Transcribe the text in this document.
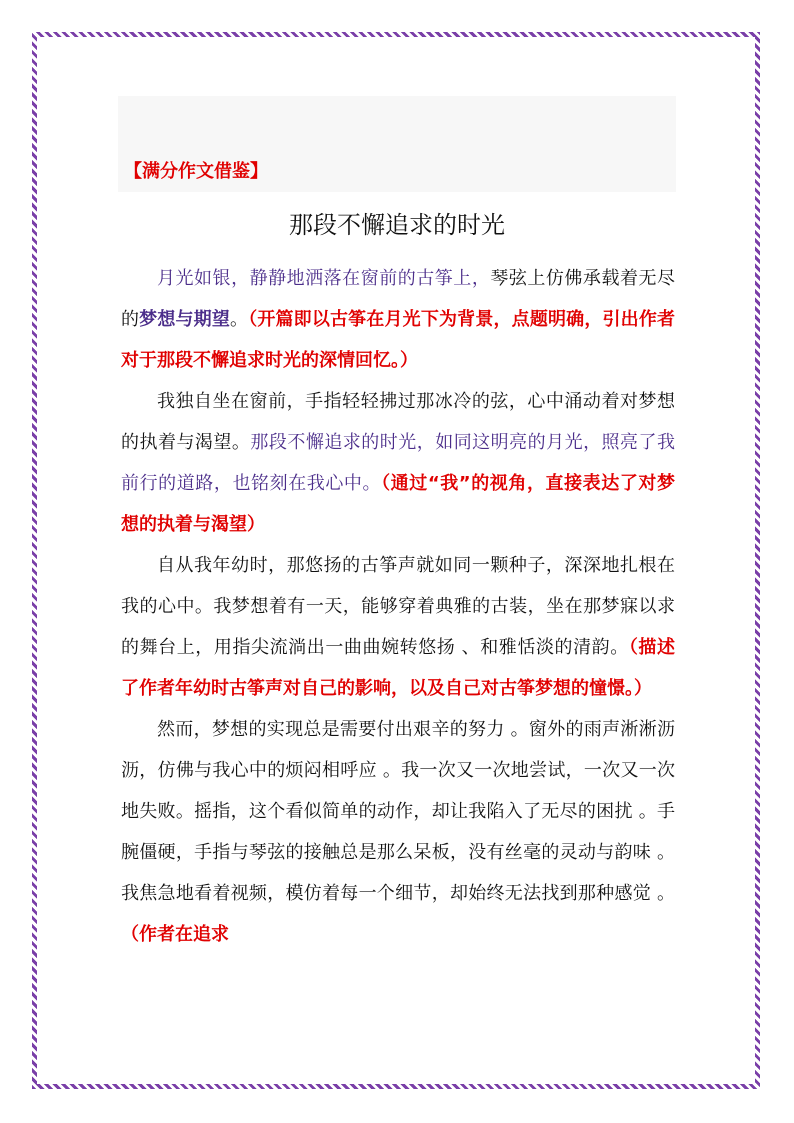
【满分作文借鉴】
那段不懈追求的时光

月光如银，静静地洒落在窗前的古筝上，琴弦上仿佛承载着无尽的梦想与期望。（开篇即以古筝在月光下为背景，点题明确，引出作者对于那段不懈追求时光的深情回忆。）

我独自坐在窗前，手指轻轻拂过那冰冷的弦，心中涌动着对梦想的执着与渴望。那段不懈追求的时光，如同这明亮的月光，照亮了我前行的道路，也铭刻在我心中。（通过“我”的视角，直接表达了对梦想的执着与渴望）

自从我年幼时，那悠扬的古筝声就如同一颗种子，深深地扎根在我的心中。我梦想着有一天，能够穿着典雅的古装，坐在那梦寐以求的舞台上，用指尖流淌出一曲曲婉转悠扬 、和雅恬淡的清韵。（描述了作者年幼时古筝声对自己的影响，以及自己对古筝梦想的憧憬。）

然而，梦想的实现总是需要付出艰辛的努力 。窗外的雨声淅淅沥沥，仿佛与我心中的烦闷相呼应 。我一次又一次地尝试，一次又一次地失败。摇指，这个看似简单的动作，却让我陷入了无尽的困扰 。手腕僵硬，手指与琴弦的接触总是那么呆板，没有丝毫的灵动与韵味 。我焦急地看着视频，模仿着每一个细节，却始终无法找到那种感觉 。（作者在追求
